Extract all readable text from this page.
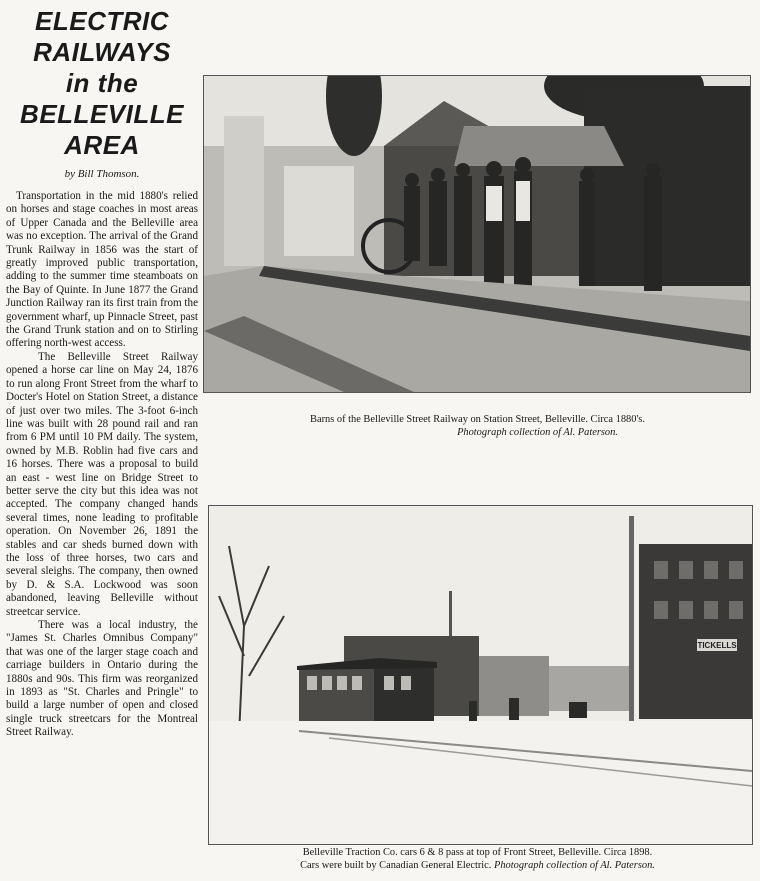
ELECTRIC
RAILWAYS
in the
BELLEVILLE
AREA
by Bill Thomson.

Transportation in the mid 1880's relied on horses and stage coaches in most areas of Upper Canada and the Belleville area was no exception. The arrival of the Grand Trunk Railway in 1856 was the start of greatly improved public transportation, adding to the summer time steamboats on the Bay of Quinte. In June 1877 the Grand Junction Railway ran its first train from the government wharf, up Pinnacle Street, past the Grand Trunk station and on to Stirling offering north-west access.

The Belleville Street Railway opened a horse car line on May 24, 1876 to run along Front Street from the wharf to Docter's Hotel on Station Street, a distance of just over two miles. The 3-foot 6-inch line was built with 28 pound rail and ran from 6 PM until 10 PM daily. The system, owned by M.B. Roblin had five cars and 16 horses. There was a proposal to build an east - west line on Bridge Street to better serve the city but this idea was not accepted. The company changed hands several times, none leading to profitable operation. On November 26, 1891 the stables and car sheds burned down with the loss of three horses, two cars and several sleighs. The company, then owned by D. & S.A. Lockwood was soon abandoned, leaving Belleville without streetcar service.

There was a local industry, the "James St. Charles Omnibus Company" that was one of the larger stage coach and carriage builders in Ontario during the 1880s and 90s. This firm was reorganized in 1893 as "St. Charles and Pringle" to build a large number of open and closed single truck streetcars for the Montreal Street Railway.

Barns of the Belleville Street Railway on Station Street, Belleville. Circa 1880's.
Photograph collection of Al. Paterson.
TICKELLS
Belleville Traction Co. cars 6 & 8 pass at top of Front Street, Belleville. Circa 1898.
Cars were built by Canadian General Electric. Photograph collection of Al. Paterson.
